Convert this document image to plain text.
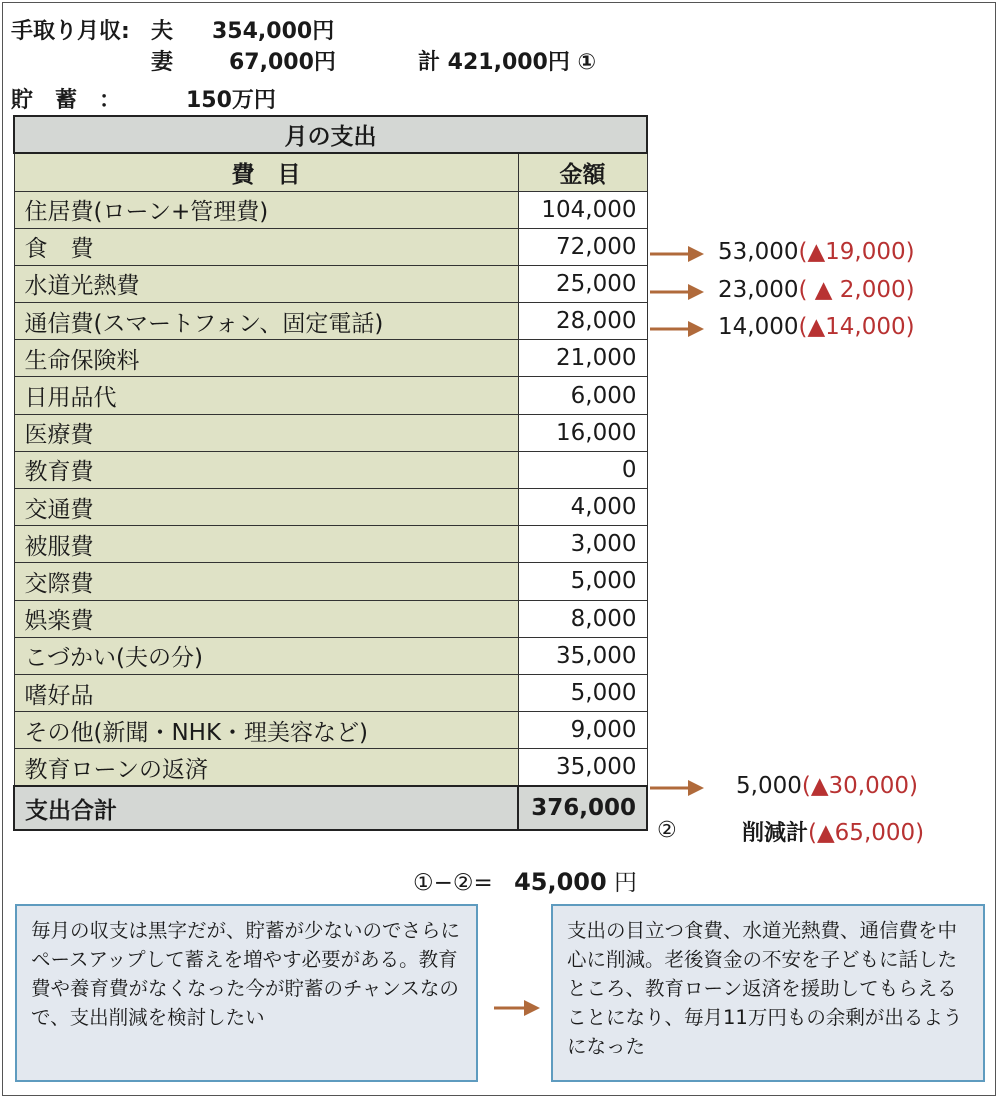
手取り月収: 夫 354,000円
妻	67,000円	計 421,000円 ①
貯　蓄　：	150万円
月の支出	
費　目	金額
住居費(ローン+管理費)	104,000
食　費	72,000
水道光熱費	25,000
通信費(スマートフォン、固定電話)	28,000
生命保険料	21,000
日用品代	6,000
医療費	16,000
教育費	0
交通費	4,000
被服費	3,000
交際費	5,000
娯楽費	8,000
こづかい(夫の分)	35,000
嗜好品	5,000
その他(新聞・NHK・理美容など)	9,000
教育ローンの返済	35,000
支出合計	376,000
53,000(▲19,000)
23,000( ▲ 2,000)
14,000(▲14,000)
5,000(▲30,000)
②	削減計(▲65,000)
①−②= 45,000 円
毎月の収支は黒字だが、貯蓄が少ないのでさらにペースアップして蓄えを増やす必要がある。教育費や養育費がなくなった今が貯蓄のチャンスなので、支出削減を検討したい
支出の目立つ食費、水道光熱費、通信費を中心に削減。老後資金の不安を子どもに話したところ、教育ローン返済を援助してもらえることになり、毎月11万円もの余剰が出るようになった
